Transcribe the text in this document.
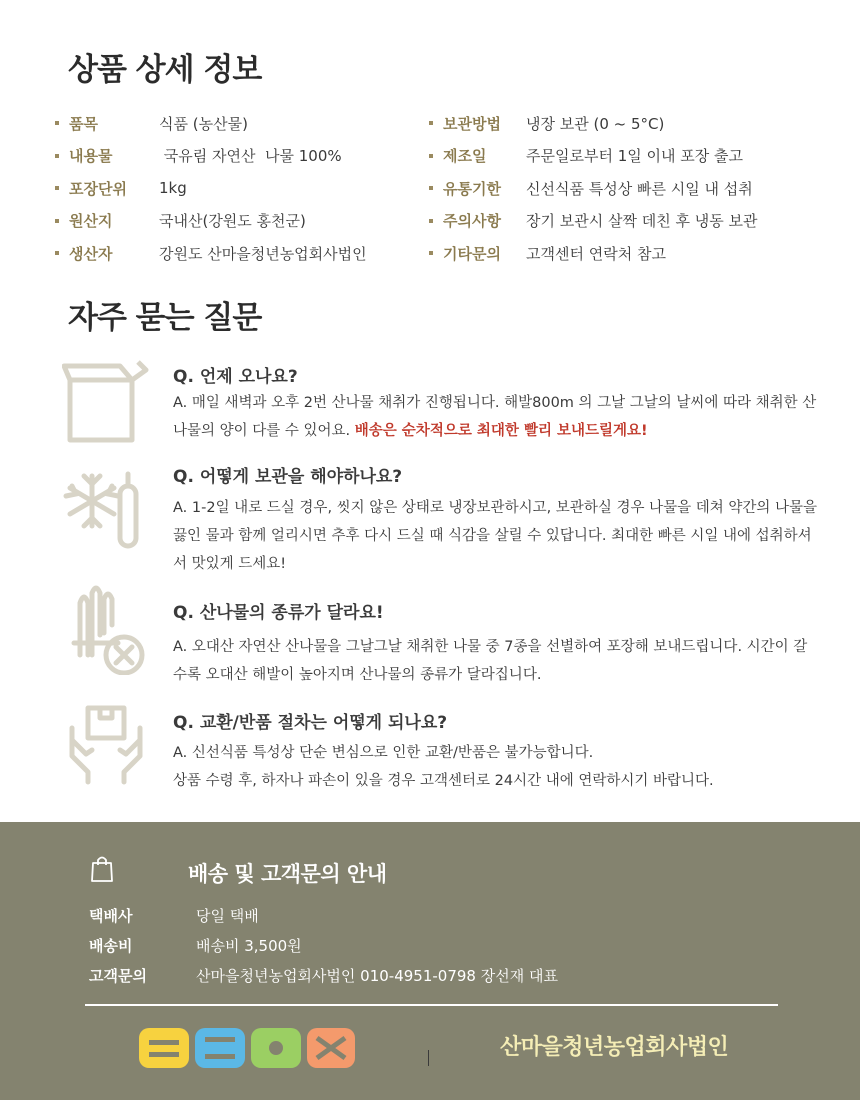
상품 상세 정보
품목	식품 (농산물)
내용물	국유림 자연산  나물 100%
포장단위	1kg
원산지	국내산(강원도 홍천군)
생산자	강원도 산마을청년농업회사법인
보관방법	냉장 보관 (0 ~ 5°C)
제조일	주문일로부터 1일 이내 포장 출고
유통기한	신선식품 특성상 빠른 시일 내 섭취
주의사항	장기 보관시 살짝 데친 후 냉동 보관
기타문의	고객센터 연락처 참고
자주 묻는 질문

Q. 언제 오나요?

A. 매일 새벽과 오후 2번 산나물 채취가 진행됩니다. 해발800m 의 그날 그날의 날씨에 따라 채취한 산나물의 양이 다를 수 있어요. 배송은 순차적으로 최대한 빨리 보내드릴게요!

Q. 어떻게 보관을 해야하나요?

A. 1-2일 내로 드실 경우, 씻지 않은 상태로 냉장보관하시고, 보관하실 경우 나물을 데쳐 약간의 나물을 끓인 물과 함께 얼리시면 추후 다시 드실 때 식감을 살릴 수 있답니다. 최대한 빠른 시일 내에 섭취하셔서 맛있게 드세요!

Q. 산나물의 종류가 달라요!

A. 오대산 자연산 산나물을 그날그날 채취한 나물 중 7종을 선별하여 포장해 보내드립니다. 시간이 갈수록 오대산 해발이 높아지며 산나물의 종류가 달라집니다.

Q. 교환/반품 절차는 어떻게 되나요?

A. 신선식품 특성상 단순 변심으로 인한 교환/반품은 불가능합니다.
상품 수령 후, 하자나 파손이 있을 경우 고객센터로 24시간 내에 연락하시기 바랍니다.

배송 및 고객문의 안내
택배사	당일 택배
배송비	배송비 3,500원
고객문의	산마을청년농업회사법인 010-4951-0798 장선재 대표
산마을청년농업회사법인
